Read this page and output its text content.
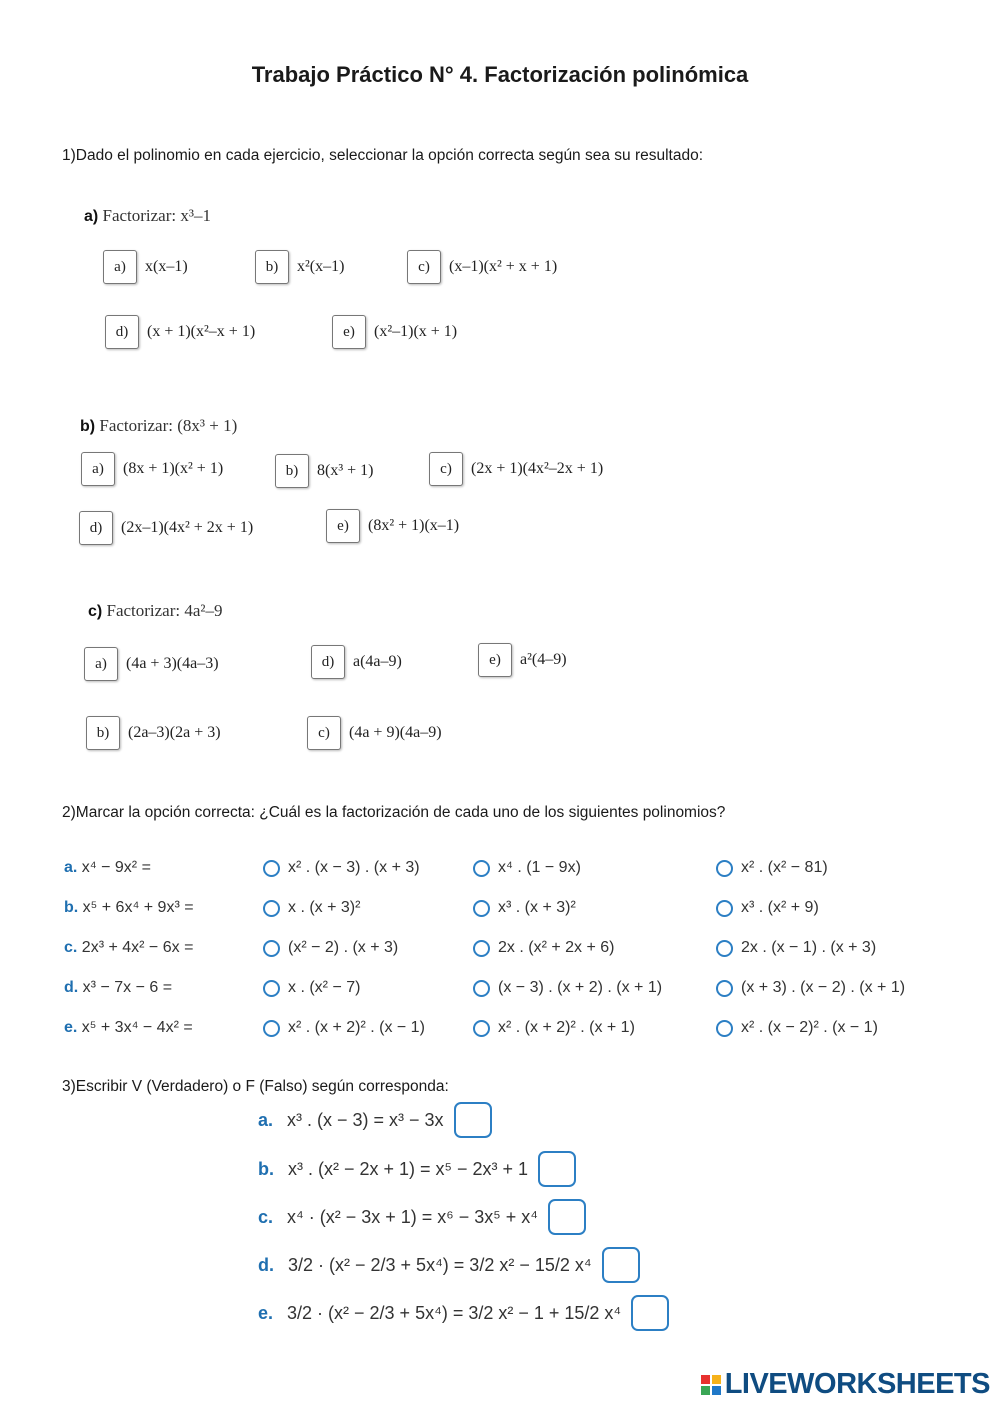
Trabajo Práctico N° 4. Factorización polinómica
1)Dado el polinomio en cada ejercicio, seleccionar la opción correcta según sea su resultado:
a) Factorizar: x³–1
a)	x(x–1)	b)	x²(x–1)	c)	(x–1)(x² + x + 1)
d)	(x + 1)(x²–x + 1)	e)	(x²–1)(x + 1)
b) Factorizar: (8x³ + 1)
a)	(8x + 1)(x² + 1)	b)	8(x³ + 1)	c)	(2x + 1)(4x²–2x + 1)
d)	(2x–1)(4x² + 2x + 1)	e)	(8x² + 1)(x–1)
c) Factorizar: 4a²–9
a)	(4a + 3)(4a–3)	d)	a(4a–9)	e)	a²(4–9)
b)	(2a–3)(2a + 3)	c)	(4a + 9)(4a–9)
2)Marcar la opción correcta: ¿Cuál es la factorización de cada uno de los siguientes polinomios?
a. x⁴ − 9x² =	x² . (x − 3) . (x + 3)	x⁴ . (1 − 9x)	x² . (x² − 81)
b. x⁵ + 6x⁴ + 9x³ =	x . (x + 3)²	x³ . (x + 3)²	x³ . (x² + 9)
c. 2x³ + 4x² − 6x =	(x² − 2) . (x + 3)	2x . (x² + 2x + 6)	2x . (x − 1) . (x + 3)
d. x³ − 7x − 6 =	x . (x² − 7)	(x − 3) . (x + 2) . (x + 1)	(x + 3) . (x − 2) . (x + 1)
e. x⁵ + 3x⁴ − 4x² =	x² . (x + 2)² . (x − 1)	x² . (x + 2)² . (x + 1)	x² . (x − 2)² . (x − 1)
3)Escribir V (Verdadero) o F (Falso) según corresponda:
a. x³ . (x − 3) = x³ − 3x
b. x³ . (x² − 2x + 1) = x⁵ − 2x³ + 1
c. x⁴ · (x² − 3x + 1) = x⁶ − 3x⁵ + x⁴
d. 3/2 · (x² − 2/3 + 5x⁴) = 3/2 x² − 15/2 x⁴
e. 3/2 · (x² − 2/3 + 5x⁴) = 3/2 x² − 1 + 15/2 x⁴
LIVEWORKSHEETS
